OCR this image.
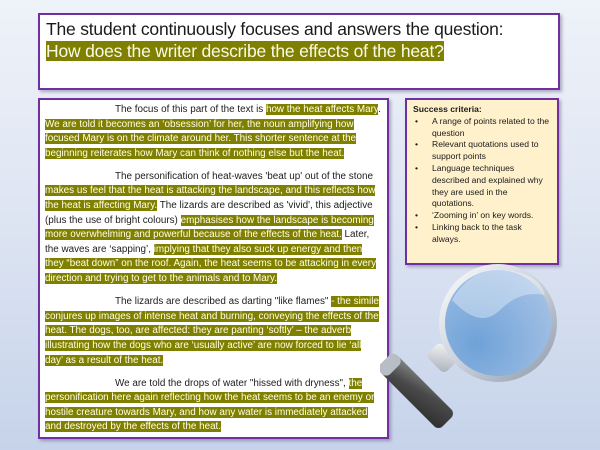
The student continuously focuses and answers the question:
How does the writer describe the effects of the heat?

The focus of this part of the text is how the heat affects Mary. We are told it becomes an ‘obsession’ for her, the noun amplifying how focused Mary is on the climate around her. This shorter sentence at the beginning reiterates how Mary can think of nothing else but the heat.

The personification of heat-waves 'beat up' out of the stone makes us feel that the heat is attacking the landscape, and this reflects how the heat is affecting Mary. The lizards are described as 'vivid', this adjective (plus the use of bright colours) emphasises how the landscape is becoming more overwhelming and powerful because of the effects of the heat. Later, the waves are ‘sapping’, implying that they also suck up energy and then they “beat down” on the roof. Again, the heat seems to be attacking in every direction and trying to get to the animals and to Mary.

The lizards are described as darting "like flames" - the simile conjures up images of intense heat and burning, conveying the effects of the heat. The dogs, too, are affected: they are panting ‘softly’ – the adverb illustrating how the dogs who are ‘usually active’ are now forced to lie ‘all day’ as a result of the heat.

We are told the drops of water "hissed with dryness", the personification here again reflecting how the heat seems to be an enemy or hostile creature towards Mary, and how any water is immediately attacked and destroyed by the effects of the heat.

Success criteria:
• A range of points related to the question
• Relevant quotations used to support points
• Language techniques described and explained why they are used in the quotations.
• ‘Zooming in’ on key words.
• Linking back to the task always.
